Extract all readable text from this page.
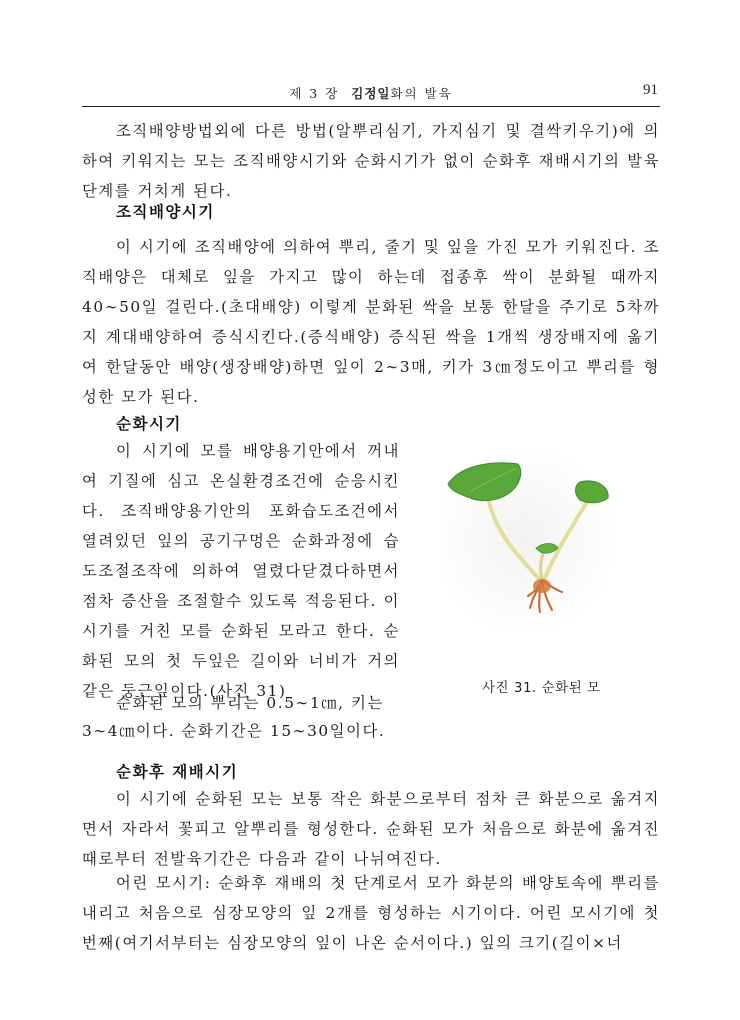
제 3 장 김정일화의 발육	91

조직배양방법외에 다른 방법(알뿌리심기, 가지심기 및 결싹키우기)에 의하여 키워지는 모는 조직배양시기와 순화시기가 없이 순화후 재배시기의 발육단계를 거치게 된다.

조직배양시기

이 시기에 조직배양에 의하여 뿌리, 줄기 및 잎을 가진 모가 키워진다. 조직배양은 대체로 잎을 가지고 많이 하는데 접종후 싹이 분화될 때까지 40∼50일 걸린다.(초대배양) 이렇게 분화된 싹을 보통 한달을 주기로 5차까지 계대배양하여 증식시킨다.(증식배양) 증식된 싹을 1개씩 생장배지에 옮기여 한달동안 배양(생장배양)하면 잎이 2∼3매, 키가 3㎝정도이고 뿌리를 형성한 모가 된다.

순화시기

이 시기에 모를 배양용기안에서 꺼내여 기질에 심고 온실환경조건에 순응시킨다. 조직배양용기안의 포화습도조건에서 열려있던 잎의 공기구멍은 순화과정에 습도조절조작에 의하여 열렸다닫겼다하면서 점차 증산을 조절할수 있도록 적응된다. 이 시기를 거친 모를 순화된 모라고 한다. 순화된 모의 첫 두잎은 길이와 너비가 거의 같은 둥근잎이다.(사진 31)

순화된 모의 뿌리는 0.5∼1㎝, 키는

3∼4㎝이다. 순화기간은 15∼30일이다.

사진 31. 순화된 모
순화후 재배시기

이 시기에 순화된 모는 보통 작은 화분으로부터 점차 큰 화분으로 옮겨지면서 자라서 꽃피고 알뿌리를 형성한다. 순화된 모가 처음으로 화분에 옮겨진 때로부터 전발육기간은 다음과 같이 나뉘여진다.

어린 모시기: 순화후 재배의 첫 단계로서 모가 화분의 배양토속에 뿌리를 내리고 처음으로 심장모양의 잎 2개를 형성하는 시기이다. 어린 모시기에 첫번째(여기서부터는 심장모양의 잎이 나온 순서이다.) 잎의 크기(길이×너
